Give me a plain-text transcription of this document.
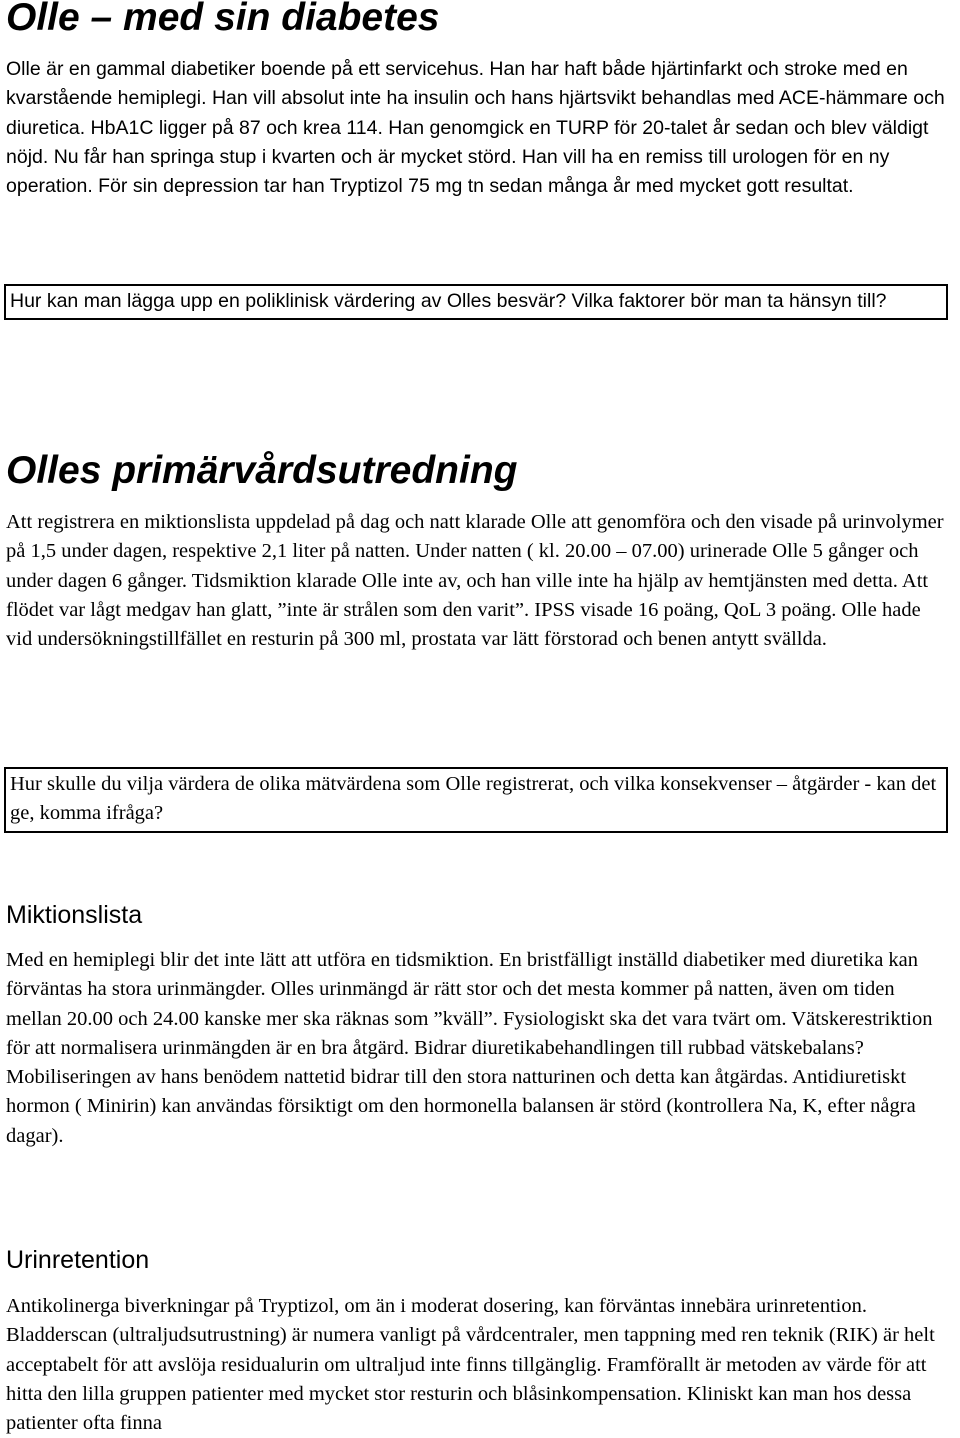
Olle – med sin diabetes

Olle är en gammal diabetiker boende på ett servicehus. Han har haft både hjärtinfarkt och stroke med en kvarstående hemiplegi. Han vill absolut inte ha insulin och hans hjärtsvikt behandlas med ACE-hämmare och diuretica. HbA1C ligger på 87 och krea 114. Han genomgick en TURP för 20-talet år sedan och blev väldigt nöjd. Nu får han springa stup i kvarten och är mycket störd. Han vill ha en remiss till urologen för en ny operation. För sin depression tar han Tryptizol 75 mg tn sedan många år med mycket gott resultat.

Hur kan man lägga upp en poliklinisk värdering av Olles besvär? Vilka faktorer bör man ta hänsyn till?

Olles primärvårdsutredning

Att registrera en miktionslista uppdelad på dag och natt klarade Olle att genomföra och den visade på urinvolymer på 1,5 under dagen, respektive 2,1 liter på natten. Under natten ( kl. 20.00 – 07.00) urinerade Olle 5 gånger och under dagen 6 gånger. Tidsmiktion klarade Olle inte av, och han ville inte ha hjälp av hemtjänsten med detta. Att flödet var lågt medgav han glatt, ”inte är strålen som den varit”. IPSS visade 16 poäng, QoL 3 poäng. Olle hade vid undersökningstillfället en resturin på 300 ml, prostata var lätt förstorad och benen antytt svällda.

Hur skulle du vilja värdera de olika mätvärdena som Olle registrerat, och vilka konsekvenser – åtgärder - kan det ge, komma ifråga?

Miktionslista

Med en hemiplegi blir det inte lätt att utföra en tidsmiktion. En bristfälligt inställd diabetiker med diuretika kan förväntas ha stora urinmängder. Olles urinmängd är rätt stor och det mesta kommer på natten, även om tiden mellan 20.00 och 24.00 kanske mer ska räknas som ”kväll”. Fysiologiskt ska det vara tvärt om. Vätskerestriktion för att normalisera urinmängden är en bra åtgärd. Bidrar diuretikabehandlingen till rubbad vätskebalans? Mobiliseringen av hans benödem nattetid bidrar till den stora natturinen och detta kan åtgärdas. Antidiuretiskt hormon ( Minirin) kan användas försiktigt om den hormonella balansen är störd (kontrollera Na, K, efter några dagar).

Urinretention

Antikolinerga biverkningar på Tryptizol, om än i moderat dosering, kan förväntas innebära urinretention. Bladderscan (ultraljudsutrustning) är numera vanligt på vårdcentraler, men tappning med ren teknik (RIK) är helt acceptabelt för att avslöja residualurin om ultraljud inte finns tillgänglig. Framförallt är metoden av värde för att hitta den lilla gruppen patienter med mycket stor resturin och blåsinkompensation. Kliniskt kan man hos dessa patienter ofta finna
